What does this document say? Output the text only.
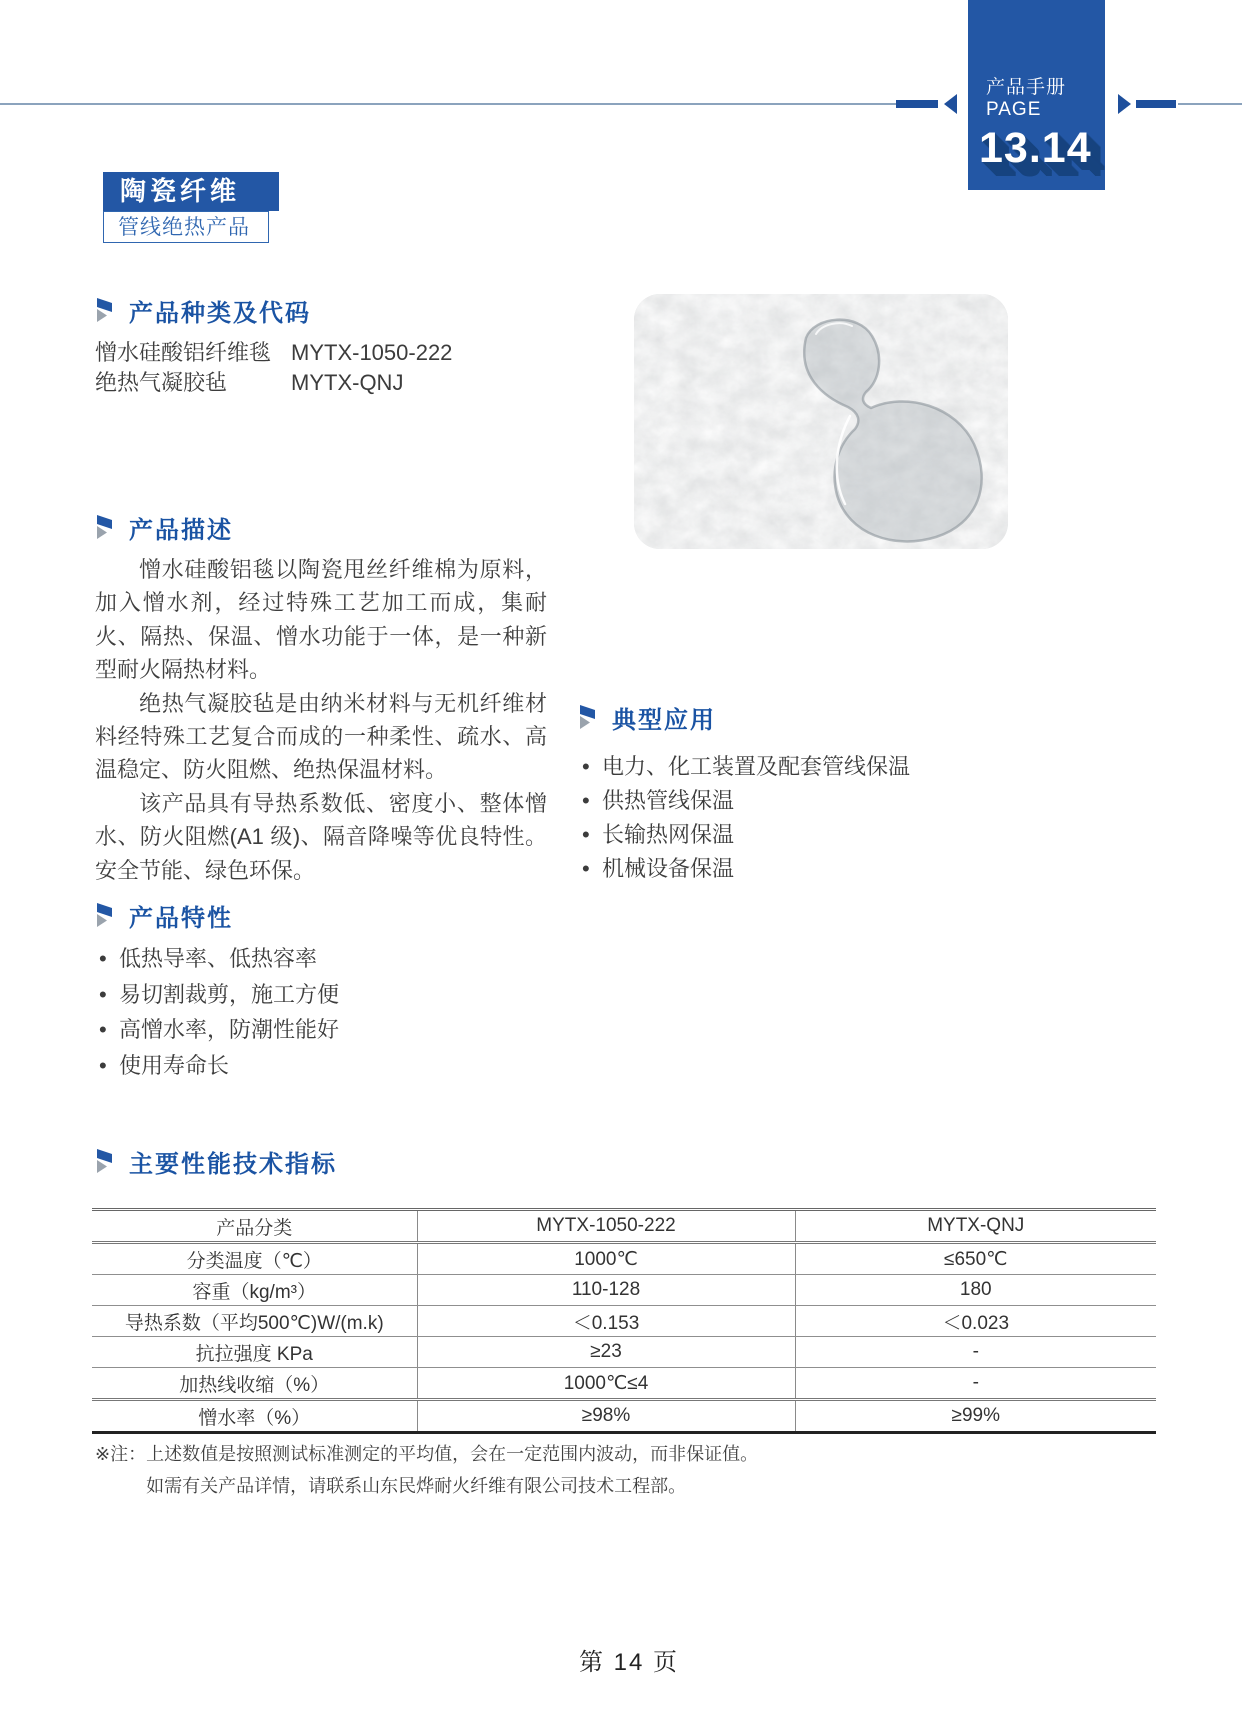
产品手册
PAGE
13.14
陶瓷纤维
管线绝热产品
产品种类及代码
憎水硅酸铝纤维毯 MYTX-1050-222
绝热气凝胶毡	MYTX-QNJ
产品描述

憎水硅酸铝毯以陶瓷甩丝纤维棉为原料，加入憎水剂，经过特殊工艺加工而成，集耐火、隔热、保温、憎水功能于一体，是一种新型耐火隔热材料。

绝热气凝胶毡是由纳米材料与无机纤维材料经特殊工艺复合而成的一种柔性、疏水、高温稳定、防火阻燃、绝热保温材料。

该产品具有导热系数低、密度小、整体憎水、防火阻燃(A1 级)、隔音降噪等优良特性。安全节能、绿色环保。

典型应用
• 电力、化工装置及配套管线保温
• 供热管线保温
• 长输热网保温
• 机械设备保温
产品特性
• 低热导率、低热容率
• 易切割裁剪，施工方便
• 高憎水率，防潮性能好
• 使用寿命长
主要性能技术指标
产品分类	MYTX-1050-222	MYTX-QNJ
分类温度（℃）	1000℃	≤650℃
容重（kg/m³）	110-128	180
导热系数（平均500℃)W/(m.k)	＜0.153	＜0.023
抗拉强度 KPa	≥23	-
加热线收缩（%）	1000℃≤4	-
憎水率（%）	≥98%	≥99%
※注： 上述数值是按照测试标准测定的平均值，会在一定范围内波动，而非保证值。

如需有关产品详情，请联系山东民烨耐火纤维有限公司技术工程部。

第 14 页
